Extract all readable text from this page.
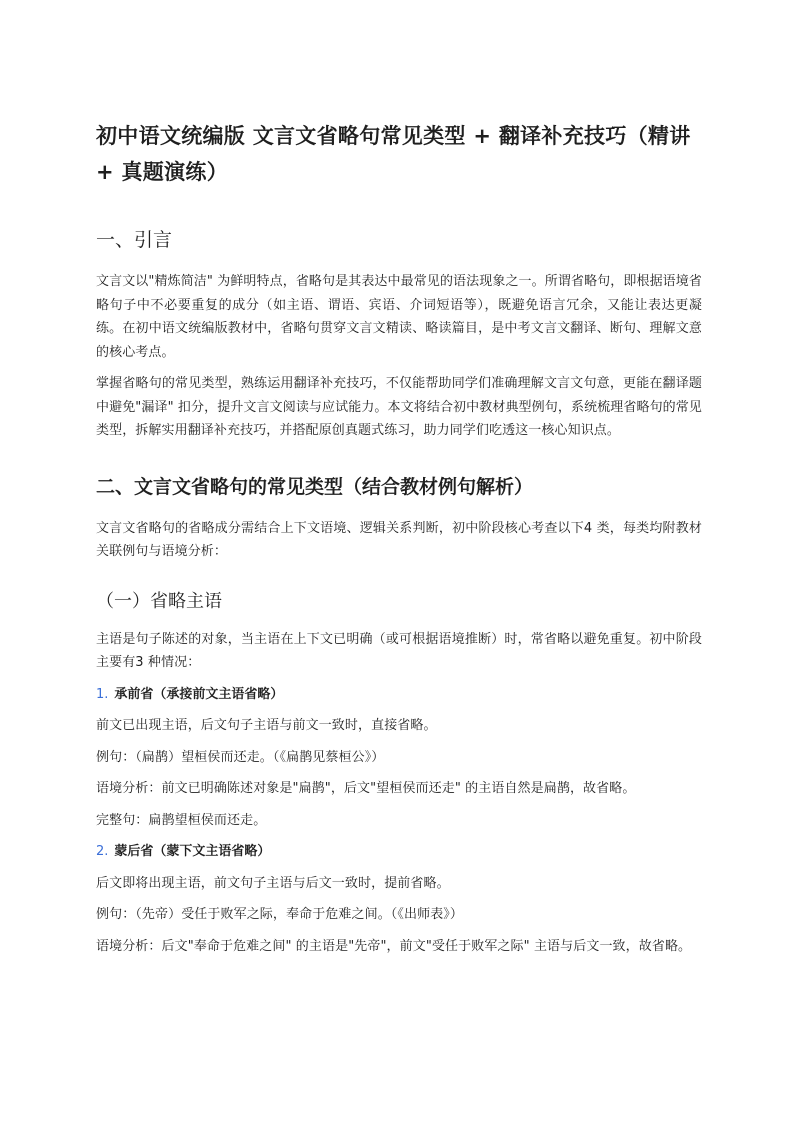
初中语文统编版 文言文省略句常见类型 + 翻译补充技巧（精讲 + 真题演练）
一、引言

文言文以"精炼简洁" 为鲜明特点，省略句是其表达中最常见的语法现象之一。所谓省略句，即根据语境省略句子中不必要重复的成分（如主语、谓语、宾语、介词短语等），既避免语言冗余，又能让表达更凝练。在初中语文统编版教材中，省略句贯穿文言文精读、略读篇目，是中考文言文翻译、断句、理解文意的核心考点。

掌握省略句的常见类型，熟练运用翻译补充技巧，不仅能帮助同学们准确理解文言文句意，更能在翻译题中避免"漏译" 扣分，提升文言文阅读与应试能力。本文将结合初中教材典型例句，系统梳理省略句的常见类型，拆解实用翻译补充技巧，并搭配原创真题式练习，助力同学们吃透这一核心知识点。

二、文言文省略句的常见类型（结合教材例句解析）

文言文省略句的省略成分需结合上下文语境、逻辑关系判断，初中阶段核心考查以下4 类，每类均附教材关联例句与语境分析：

（一）省略主语

主语是句子陈述的对象，当主语在上下文已明确（或可根据语境推断）时，常省略以避免重复。初中阶段主要有3 种情况：

1. 承前省（承接前文主语省略）

前文已出现主语，后文句子主语与前文一致时，直接省略。

例句：（扁鹊）望桓侯而还走。（《扁鹊见蔡桓公》）

语境分析：前文已明确陈述对象是"扁鹊"，后文"望桓侯而还走" 的主语自然是扁鹊，故省略。

完整句：扁鹊望桓侯而还走。

2. 蒙后省（蒙下文主语省略）

后文即将出现主语，前文句子主语与后文一致时，提前省略。

例句：（先帝）受任于败军之际，奉命于危难之间。（《出师表》）

语境分析：后文"奉命于危难之间" 的主语是"先帝"，前文"受任于败军之际" 主语与后文一致，故省略。
